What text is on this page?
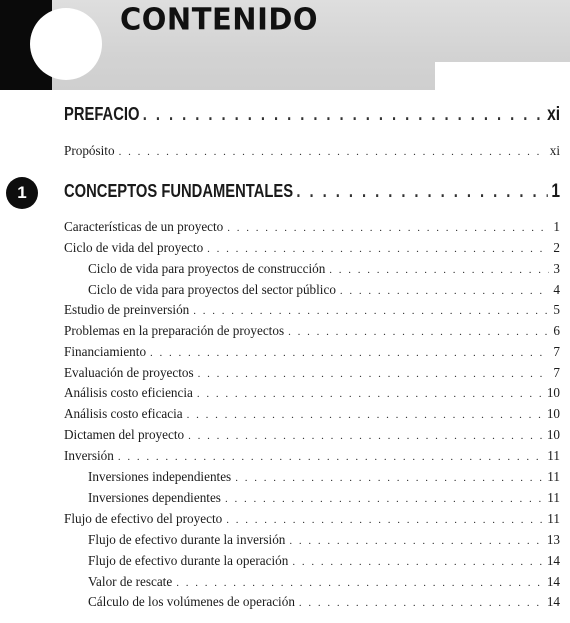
CONTENIDO
PREFACIO . . .	xi
Propósito . . .	xi
1	CONCEPTOS FUNDAMENTALES . . .	1
Características de un proyecto . . .	1
Ciclo de vida del proyecto . . .	2
Ciclo de vida para proyectos de construcción . . .	3
Ciclo de vida para proyectos del sector público . . .	4
Estudio de preinversión . . .	5
Problemas en la preparación de proyectos . . .	6
Financiamiento . . .	7
Evaluación de proyectos . . .	7
Análisis costo eficiencia . . .	10
Análisis costo eficacia . . .	10
Dictamen del proyecto . . .	10
Inversión . . .	11
Inversiones independientes . . .	11
Inversiones dependientes . . .	11
Flujo de efectivo del proyecto . . .	11
Flujo de efectivo durante la inversión . . .	13
Flujo de efectivo durante la operación . . .	14
Valor de rescate . . .	14
Cálculo de los volúmenes de operación . . .	14
